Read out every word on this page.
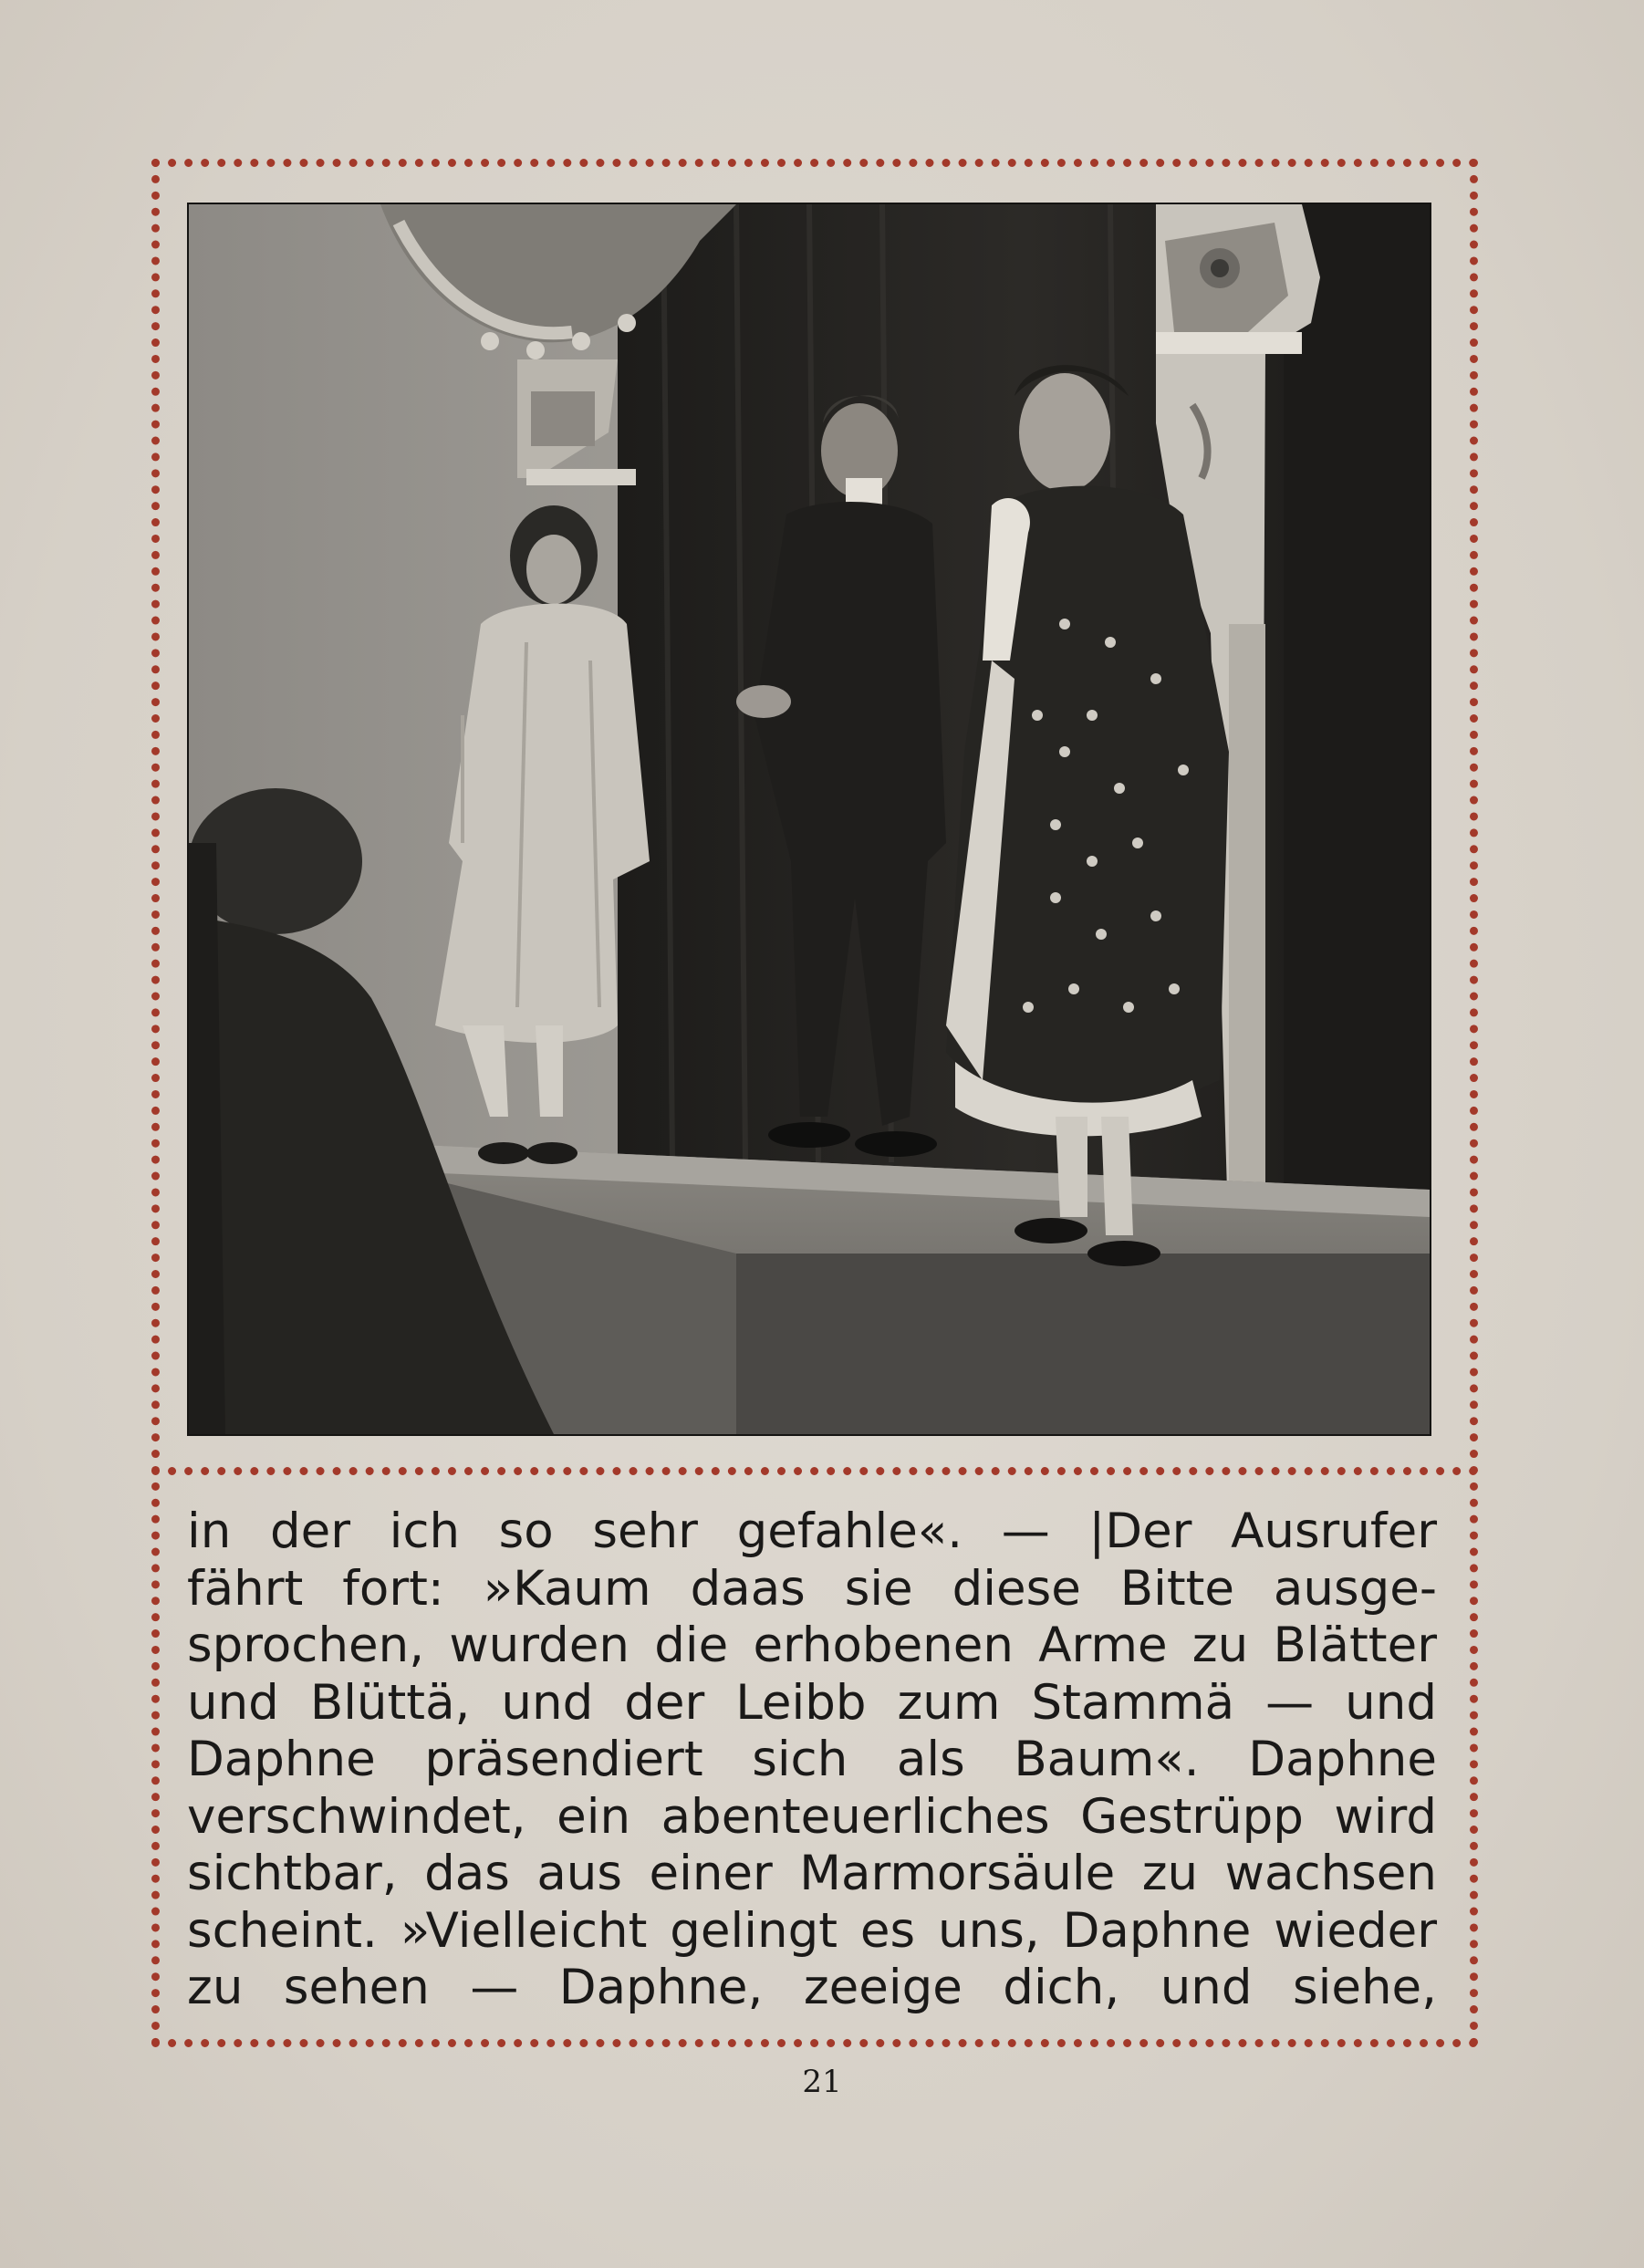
in der ich so sehr gefahle«. — |Der Ausrufer
fährt fort: »Kaum daas sie diese Bitte ausge-
sprochen, wurden die erhobenen Arme zu Blätter
und Blüttä, und der Leibb zum Stammä — und
Daphne präsendiert sich als Baum«. Daphne
verschwindet, ein abenteuerliches Gestrüpp wird
sichtbar, das aus einer Marmorsäule zu wachsen
scheint. »Vielleicht gelingt es uns, Daphne wieder
zu sehen — Daphne, zeeige dich, und siehe,
21
